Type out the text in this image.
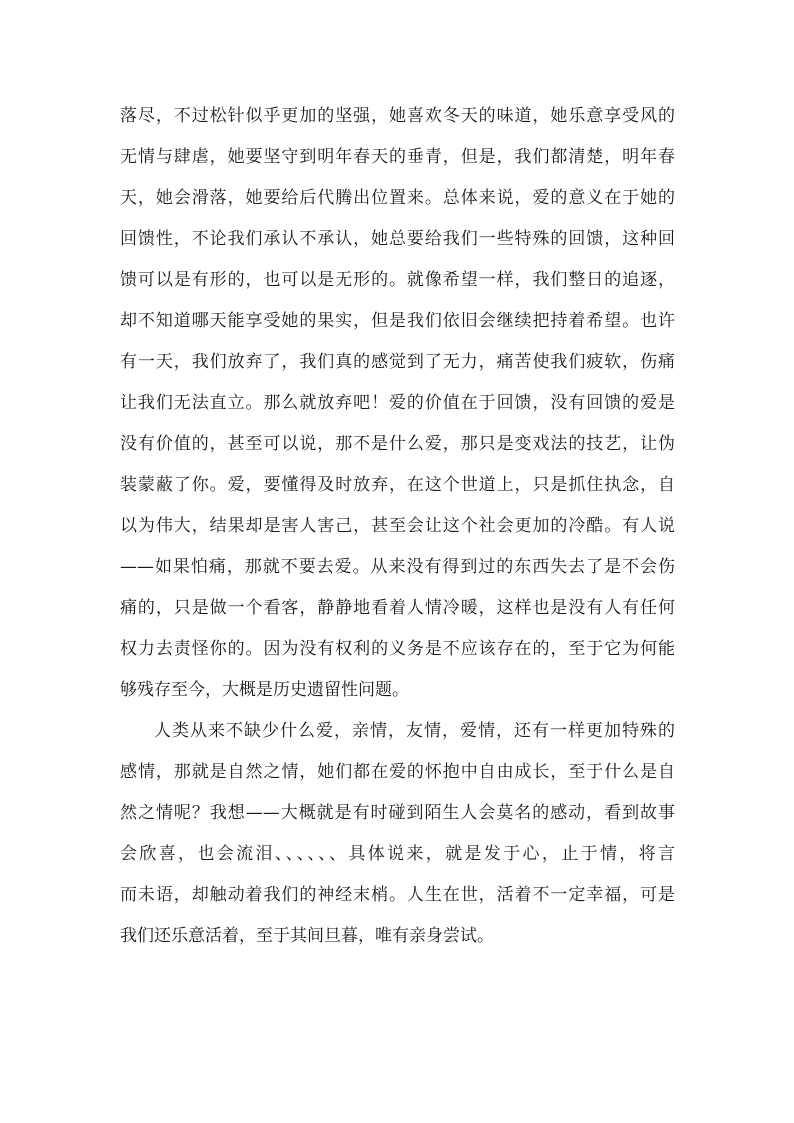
落尽，不过松针似乎更加的坚强，她喜欢冬天的味道，她乐意享受风的
无情与肆虐，她要坚守到明年春天的垂青，但是，我们都清楚，明年春
天，她会滑落，她要给后代腾出位置来。总体来说，爱的意义在于她的
回馈性，不论我们承认不承认，她总要给我们一些特殊的回馈，这种回
馈可以是有形的，也可以是无形的。就像希望一样，我们整日的追逐，
却不知道哪天能享受她的果实，但是我们依旧会继续把持着希望。也许
有一天，我们放弃了，我们真的感觉到了无力，痛苦使我们疲软，伤痛
让我们无法直立。那么就放弃吧！爱的价值在于回馈，没有回馈的爱是
没有价值的，甚至可以说，那不是什么爱，那只是变戏法的技艺，让伪
装蒙蔽了你。爱，要懂得及时放弃，在这个世道上，只是抓住执念，自
以为伟大，结果却是害人害己，甚至会让这个社会更加的冷酷。有人说
——如果怕痛，那就不要去爱。从来没有得到过的东西失去了是不会伤
痛的，只是做一个看客，静静地看着人情冷暖，这样也是没有人有任何
权力去责怪你的。因为没有权利的义务是不应该存在的，至于它为何能
够残存至今，大概是历史遗留性问题。
人类从来不缺少什么爱，亲情，友情，爱情，还有一样更加特殊的
感情，那就是自然之情，她们都在爱的怀抱中自由成长，至于什么是自
然之情呢？我想——大概就是有时碰到陌生人会莫名的感动，看到故事
会欣喜，也会流泪、、、、、、具体说来，就是发于心，止于情，将言
而未语，却触动着我们的神经末梢。人生在世，活着不一定幸福，可是
我们还乐意活着，至于其间旦暮，唯有亲身尝试。
